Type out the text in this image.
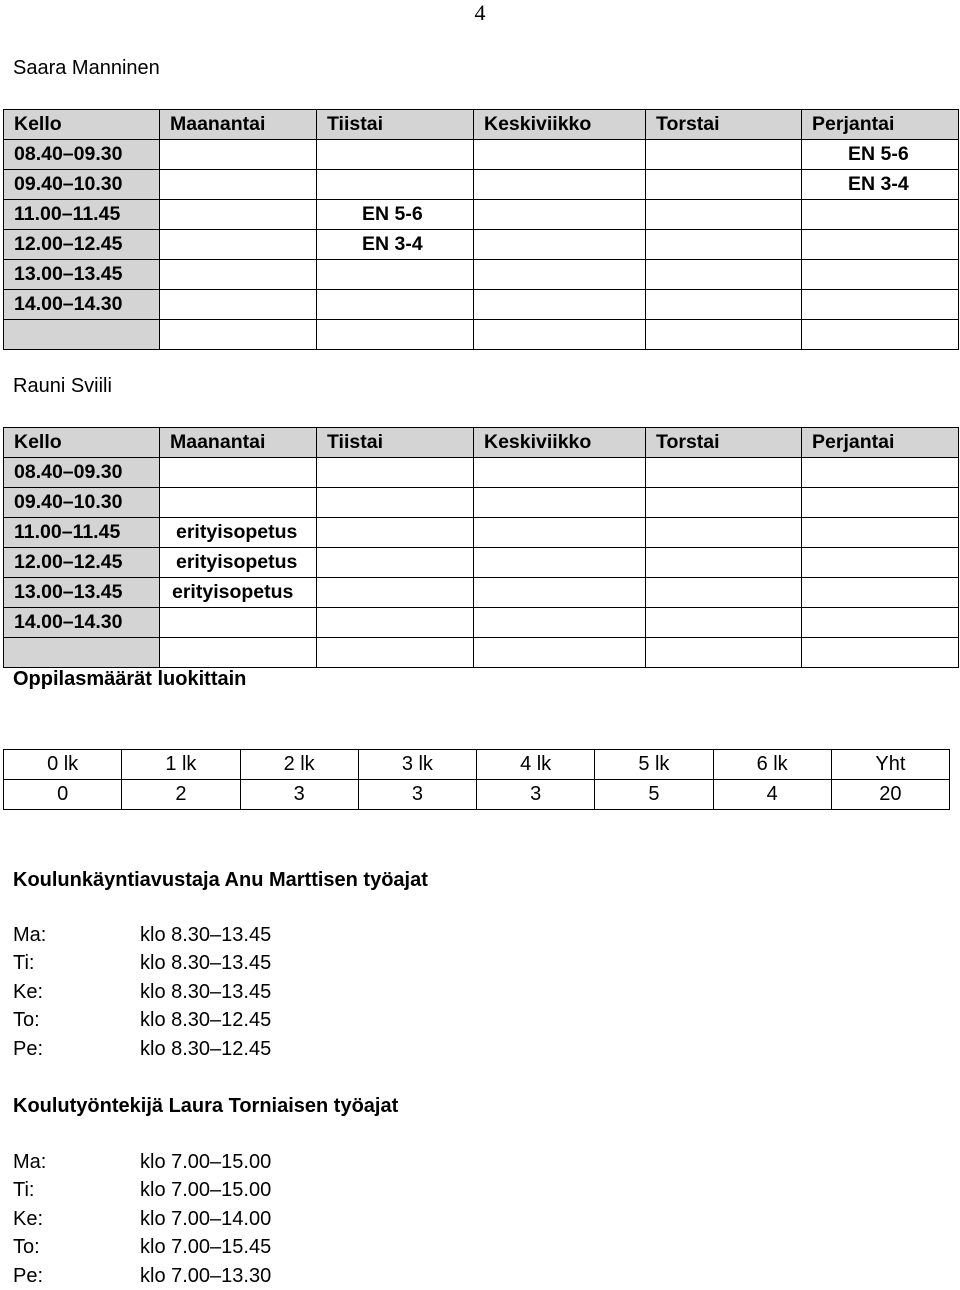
4
Saara Manninen
Kello	Maanantai	Tiistai	Keskiviikko	Torstai	Perjantai
08.40–09.30					EN 5-6
09.40–10.30					EN 3-4
11.00–11.45		EN 5-6			
12.00–12.45		EN 3-4			
13.00–13.45					
14.00–14.30					

Rauni Sviili
Kello	Maanantai	Tiistai	Keskiviikko	Torstai	Perjantai
08.40–09.30					
09.40–10.30					
11.00–11.45	erityisopetus				
12.00–12.45	erityisopetus				
13.00–13.45	erityisopetus				
14.00–14.30					

Oppilasmäärät luokittain
0 lk	1 lk	2 lk	3 lk	4 lk	5 lk	6 lk	Yht
0	2	3	3	3	5	4	20
Koulunkäyntiavustaja Anu Marttisen työajat
Ma:	klo 8.30–13.45
Ti:	klo 8.30–13.45
Ke:	klo 8.30–13.45
To:	klo 8.30–12.45
Pe:	klo 8.30–12.45
Koulutyöntekijä Laura Torniaisen työajat
Ma:	klo 7.00–15.00
Ti:	klo 7.00–15.00
Ke:	klo 7.00–14.00
To:	klo 7.00–15.45
Pe:	klo 7.00–13.30
